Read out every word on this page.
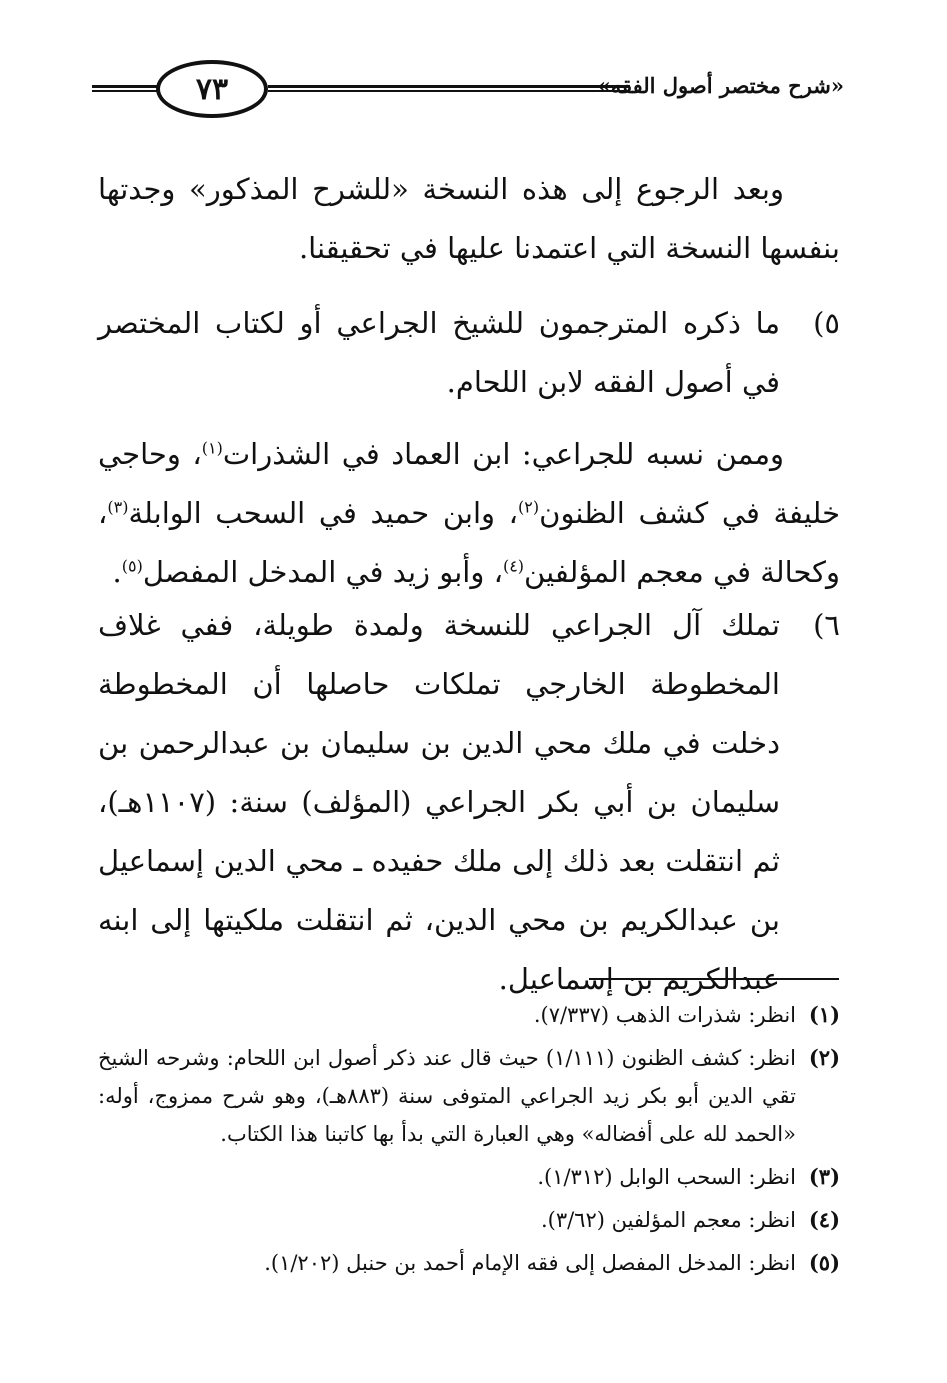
٧٣	«شرح مختصر أصول الفقه»

وبعد الرجوع إلى هذه النسخة «للشرح المذكور» وجدتها بنفسها النسخة التي اعتمدنا عليها في تحقيقنا.

٥)

ما ذكره المترجمون للشيخ الجراعي أو لكتاب المختصر في أصول الفقه لابن اللحام.

وممن نسبه للجراعي: ابن العماد في الشذرات$^{(١)}$، وحاجي خليفة في كشف الظنون$^{(٢)}$، وابن حميد في السحب الوابلة$^{(٣)}$، وكحالة في معجم المؤلفين$^{(٤)}$، وأبو زيد في المدخل المفصل$^{(٥)}$.

٦)

تملك آل الجراعي للنسخة ولمدة طويلة، ففي غلاف المخطوطة الخارجي تملكات حاصلها أن المخطوطة دخلت في ملك محي الدين بن سليمان بن عبدالرحمن بن سليمان بن أبي بكر الجراعي (المؤلف) سنة: (١١٠٧هـ)، ثم انتقلت بعد ذلك إلى ملك حفيده ـ محي الدين إسماعيل بن عبدالكريم بن محي الدين، ثم انتقلت ملكيتها إلى ابنه عبدالكريم بن إسماعيل.

(١)
انظر: شذرات الذهب (٧/٣٣٧).
(٢)
انظر: كشف الظنون (١/١١١) حيث قال عند ذكر أصول ابن اللحام: وشرحه الشيخ تقي الدين أبو بكر زيد الجراعي المتوفى سنة (٨٨٣هـ)، وهو شرح ممزوج، أوله: «الحمد لله على أفضاله» وهي العبارة التي بدأ بها كاتبنا هذا الكتاب.
(٣)
انظر: السحب الوابل (١/٣١٢).
(٤)
انظر: معجم المؤلفين (٣/٦٢).
(٥)
انظر: المدخل المفصل إلى فقه الإمام أحمد بن حنبل (١/٢٠٢).
